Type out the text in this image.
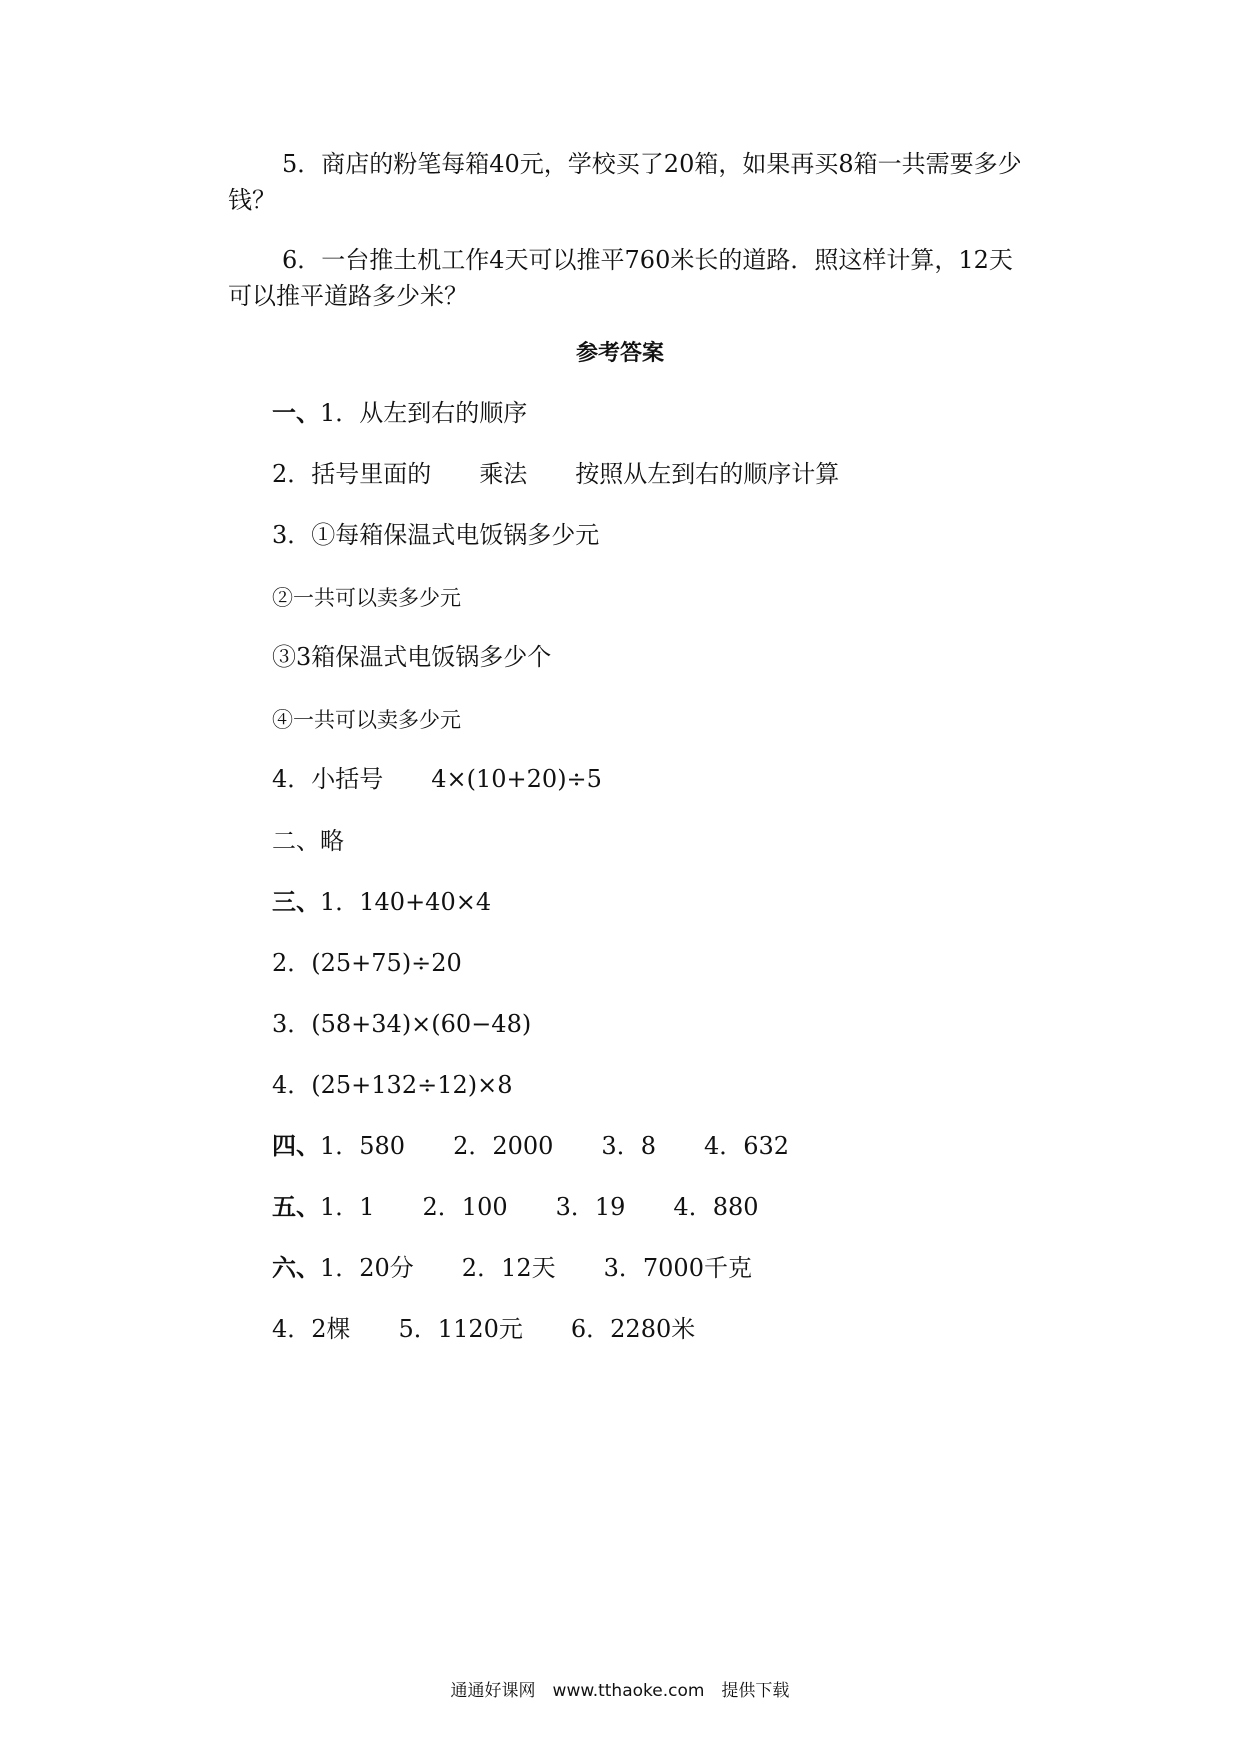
5．商店的粉笔每箱40元，学校买了20箱，如果再买8箱一共需要多少钱？
6．一台推土机工作4天可以推平760米长的道路．照这样计算，12天可以推平道路多少米？
参考答案
一、1．从左到右的顺序
2．括号里面的　　乘法　　按照从左到右的顺序计算
3．①每箱保温式电饭锅多少元
②一共可以卖多少元
③3箱保温式电饭锅多少个
④一共可以卖多少元
4．小括号　　4×(10+20)÷5
二、略
三、1．140+40×4
2．(25+75)÷20
3．(58+34)×(60−48)
4．(25+132÷12)×8
四、1．580　　2．2000　　3．8　　4．632
五、1．1　　2．100　　3．19　　4．880
六、1．20分　　2．12天　　3．7000千克
4．2棵　　5．1120元　　6．2280米
通通好课网　www.tthaoke.com　提供下载
